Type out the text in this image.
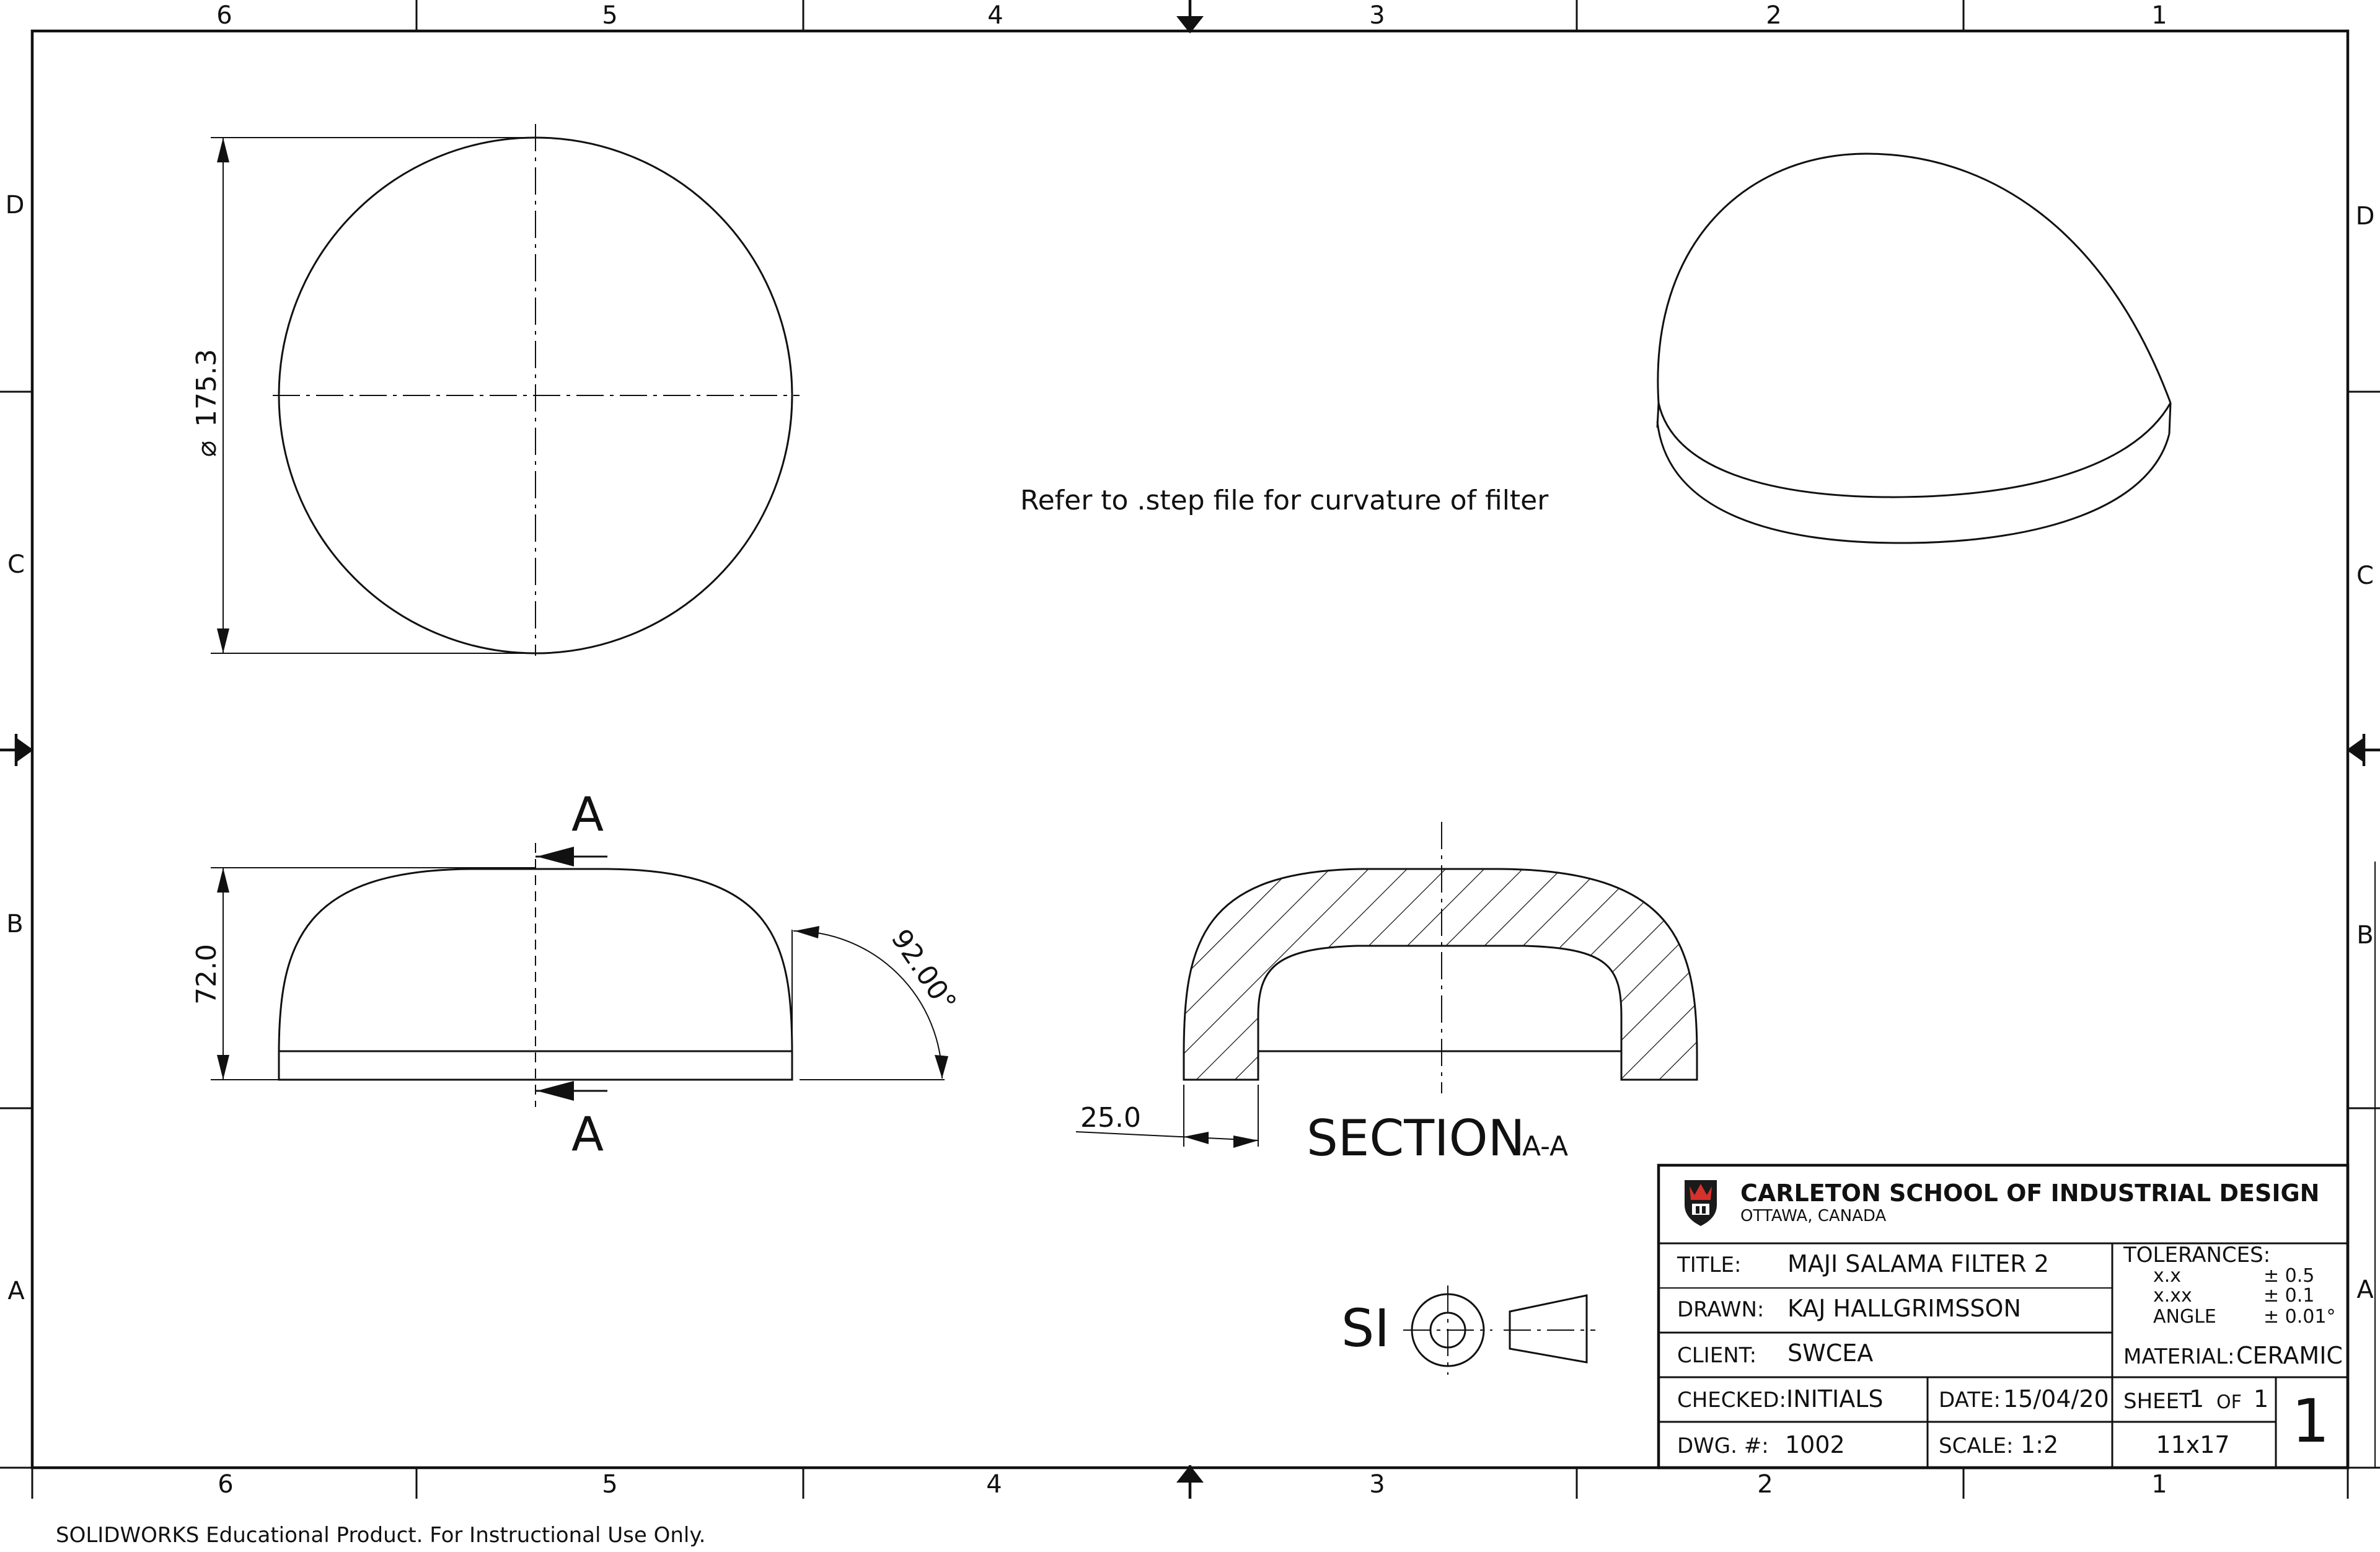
6	5	4	3	2	1
6	5	4	3	2	1
D
C
B
A
D
C
B
A
⌀
175.3
Refer to .step file for curvature of filter
A
A
72.0	92.00°
25.0	SECTION
A-A
SI
CARLETON SCHOOL OF INDUSTRIAL DESIGN
OTTAWA, CANADA
TITLE: MAJI SALAMA FILTER 2
DRAWN: KAJ HALLGRIMSSON
CLIENT: SWCEA
CHECKED: INITIALS	DATE: 15/04/20
DWG. #: 1002	SCALE: 1:2
TOLERANCES:
x.x	± 0.5
x.xx	± 0.1
ANGLE	± 0.01°
MATERIAL: CERAMIC
SHEET
1 OF 1
11x17 1
SOLIDWORKS Educational Product. For Instructional Use Only.
